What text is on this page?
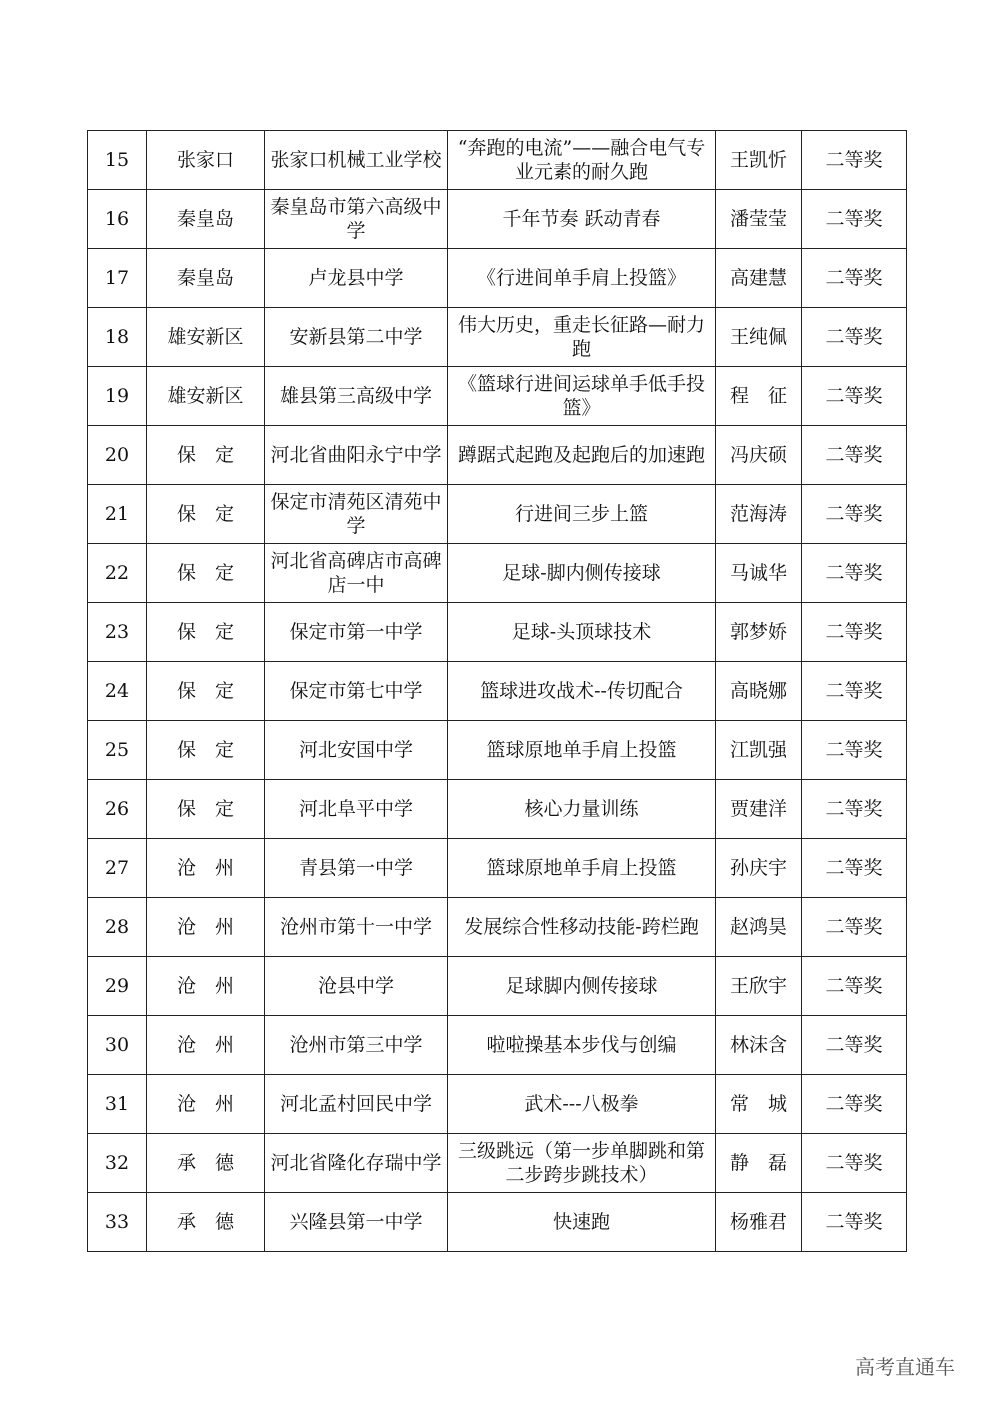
15	张家口	张家口机械工业学校	“奔跑的电流”——融合电气专业元素的耐久跑	王凯忻	二等奖
16	秦皇岛	秦皇岛市第六高级中学	千年节奏 跃动青春	潘莹莹	二等奖
17	秦皇岛	卢龙县中学	《行进间单手肩上投篮》	高建慧	二等奖
18	雄安新区	安新县第二中学	伟大历史，重走长征路—耐力跑	王纯佩	二等奖
19	雄安新区	雄县第三高级中学	《篮球行进间运球单手低手投篮》	程　征	二等奖
20	保　定	河北省曲阳永宁中学	蹲踞式起跑及起跑后的加速跑	冯庆硕	二等奖
21	保　定	保定市清苑区清苑中学	行进间三步上篮	范海涛	二等奖
22	保　定	河北省高碑店市高碑店一中	足球-脚内侧传接球	马诚华	二等奖
23	保　定	保定市第一中学	足球-头顶球技术	郭梦娇	二等奖
24	保　定	保定市第七中学	篮球进攻战术--传切配合	高晓娜	二等奖
25	保　定	河北安国中学	篮球原地单手肩上投篮	江凯强	二等奖
26	保　定	河北阜平中学	核心力量训练	贾建洋	二等奖
27	沧　州	青县第一中学	篮球原地单手肩上投篮	孙庆宇	二等奖
28	沧　州	沧州市第十一中学	发展综合性移动技能-跨栏跑	赵鸿昊	二等奖
29	沧　州	沧县中学	足球脚内侧传接球	王欣宇	二等奖
30	沧　州	沧州市第三中学	啦啦操基本步伐与创编	林沫含	二等奖
31	沧　州	河北孟村回民中学	武术---八极拳	常　城	二等奖
32	承　德	河北省隆化存瑞中学	三级跳远（第一步单脚跳和第二步跨步跳技术）	静　磊	二等奖
33	承　德	兴隆县第一中学	快速跑	杨雅君	二等奖
高考直通车
